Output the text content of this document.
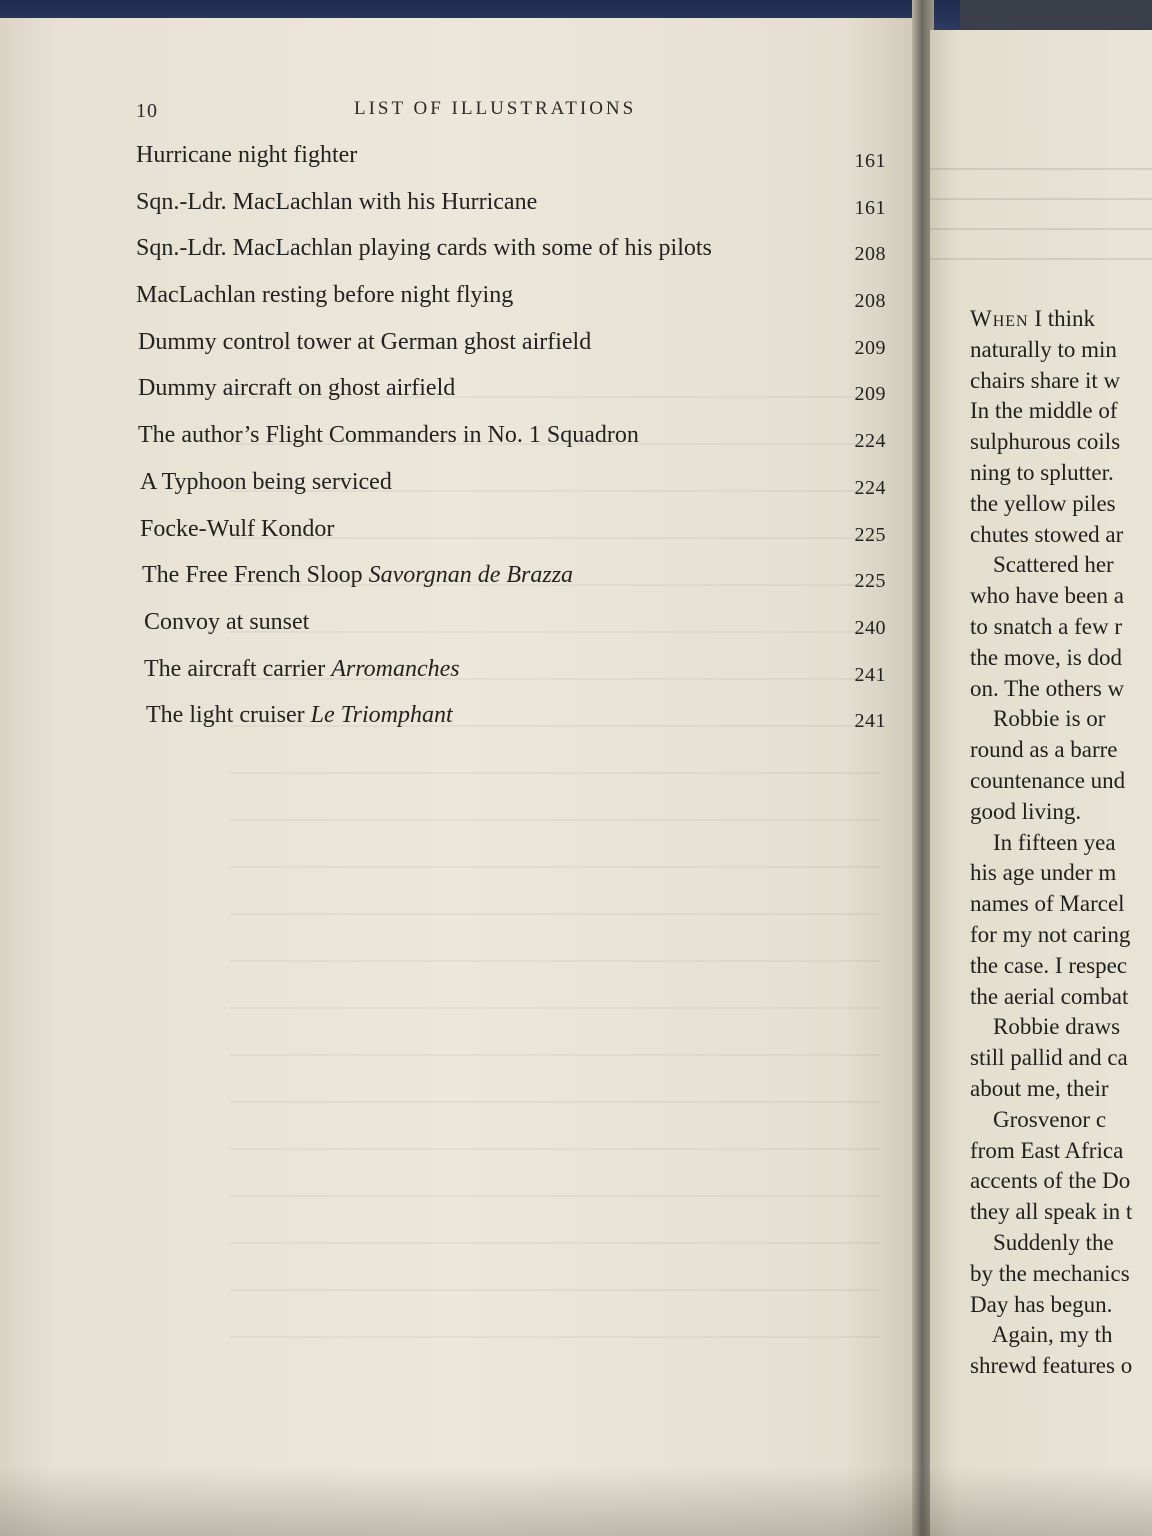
10	LIST OF ILLUSTRATIONS
Hurricane night fighter	161
Sqn.-Ldr. MacLachlan with his Hurricane	161
Sqn.-Ldr. MacLachlan playing cards with some of his pilots	208
MacLachlan resting before night flying	208
Dummy control tower at German ghost airfield	209
Dummy aircraft on ghost airfield	209
The author’s Flight Commanders in No. 1 Squadron	224
A Typhoon being serviced	224
Focke-Wulf Kondor	225
The Free French Sloop Savorgnan de Brazza	225
Convoy at sunset	240
The aircraft carrier Arromanches	241
The light cruiser Le Triomphant	241
When I think
naturally to min
chairs share it w
In the middle of
sulphurous coils
ning to splutter.
the yellow piles
chutes stowed ar
Scattered her
who have been a
to snatch a few r
the move, is dod
on. The others w
Robbie is or
round as a barre
countenance und
good living.
In fifteen yea
his age under m
names of Marcel
for my not caring
the case. I respec
the aerial combat
Robbie draws
still pallid and ca
about me, their
Grosvenor c
from East Africa
accents of the Do
they all speak in t
Suddenly the
by the mechanics
Day has begun.
Again, my th
shrewd features o
